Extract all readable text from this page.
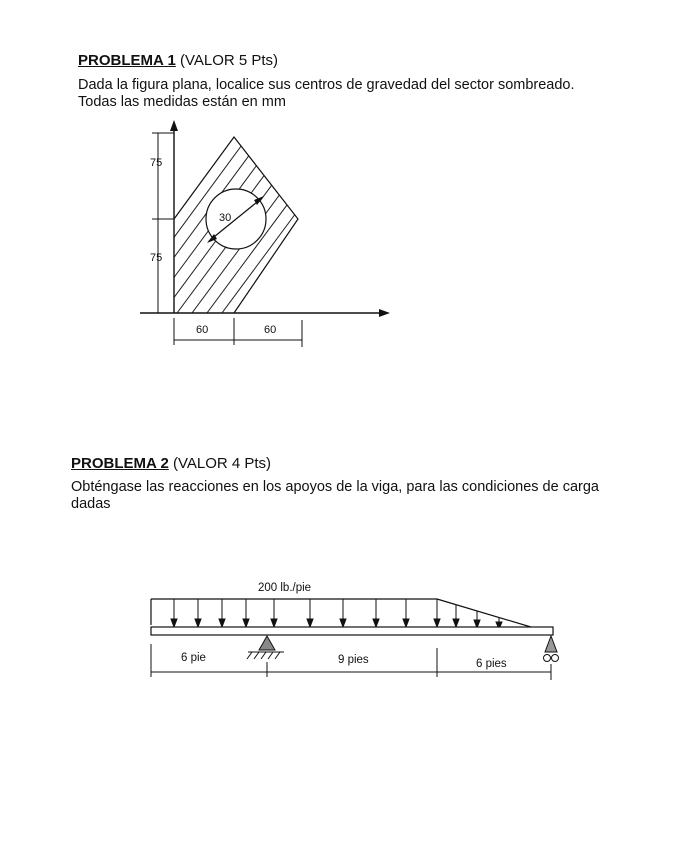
PROBLEMA 1 (VALOR 5 Pts)
Dada la figura plana, localice sus centros de gravedad del sector sombreado.
Todas las medidas están en mm
75
75
30
60	60
PROBLEMA 2 (VALOR 4 Pts)
Obténgase las reacciones en los apoyos de la viga, para las condiciones de carga
dadas
200 lb./pie
6 pie	9 pies	6 pies
